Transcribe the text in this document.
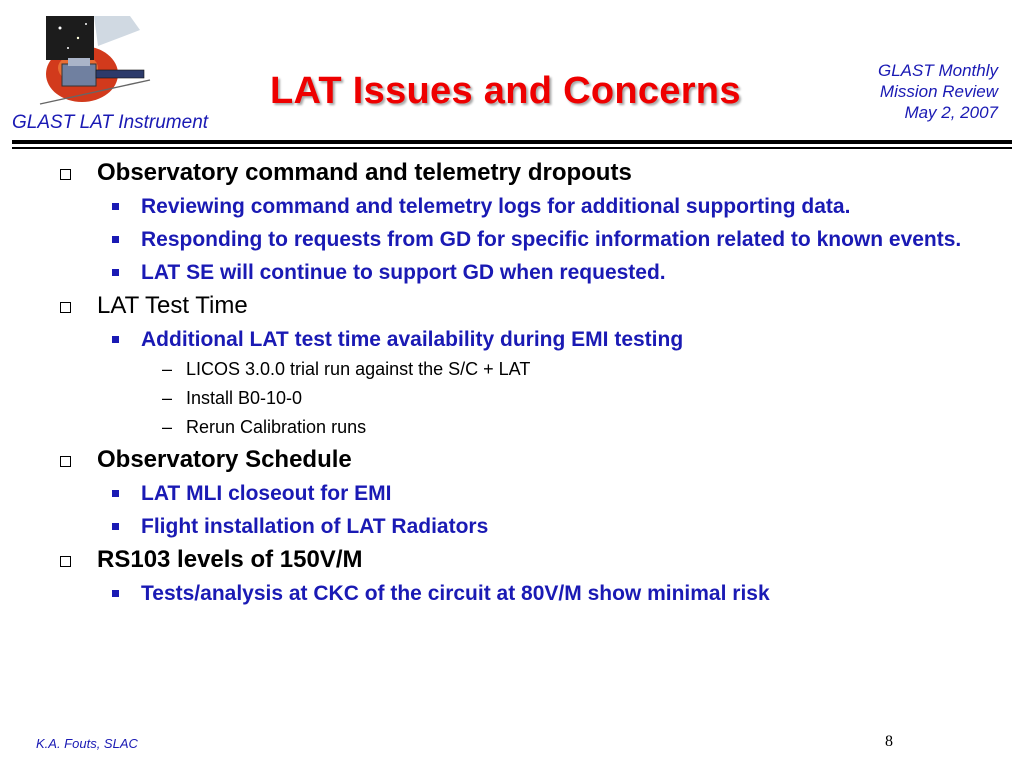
GLAST LAT Instrument
LAT Issues and Concerns	GLAST Monthly
Mission Review
May 2, 2007
Observatory command and telemetry dropouts
Reviewing command and telemetry logs for additional supporting data.
Responding to requests from GD for specific information related to known events.
LAT SE will continue to support GD when requested.
LAT Test Time
Additional LAT test time availability during EMI testing
– LICOS 3.0.0 trial run against the S/C + LAT
– Install B0-10-0
– Rerun Calibration runs
Observatory Schedule
LAT MLI closeout for EMI
Flight installation of LAT Radiators
RS103 levels of 150V/M
Tests/analysis at CKC of the circuit at 80V/M show minimal risk
K.A. Fouts, SLAC	8
